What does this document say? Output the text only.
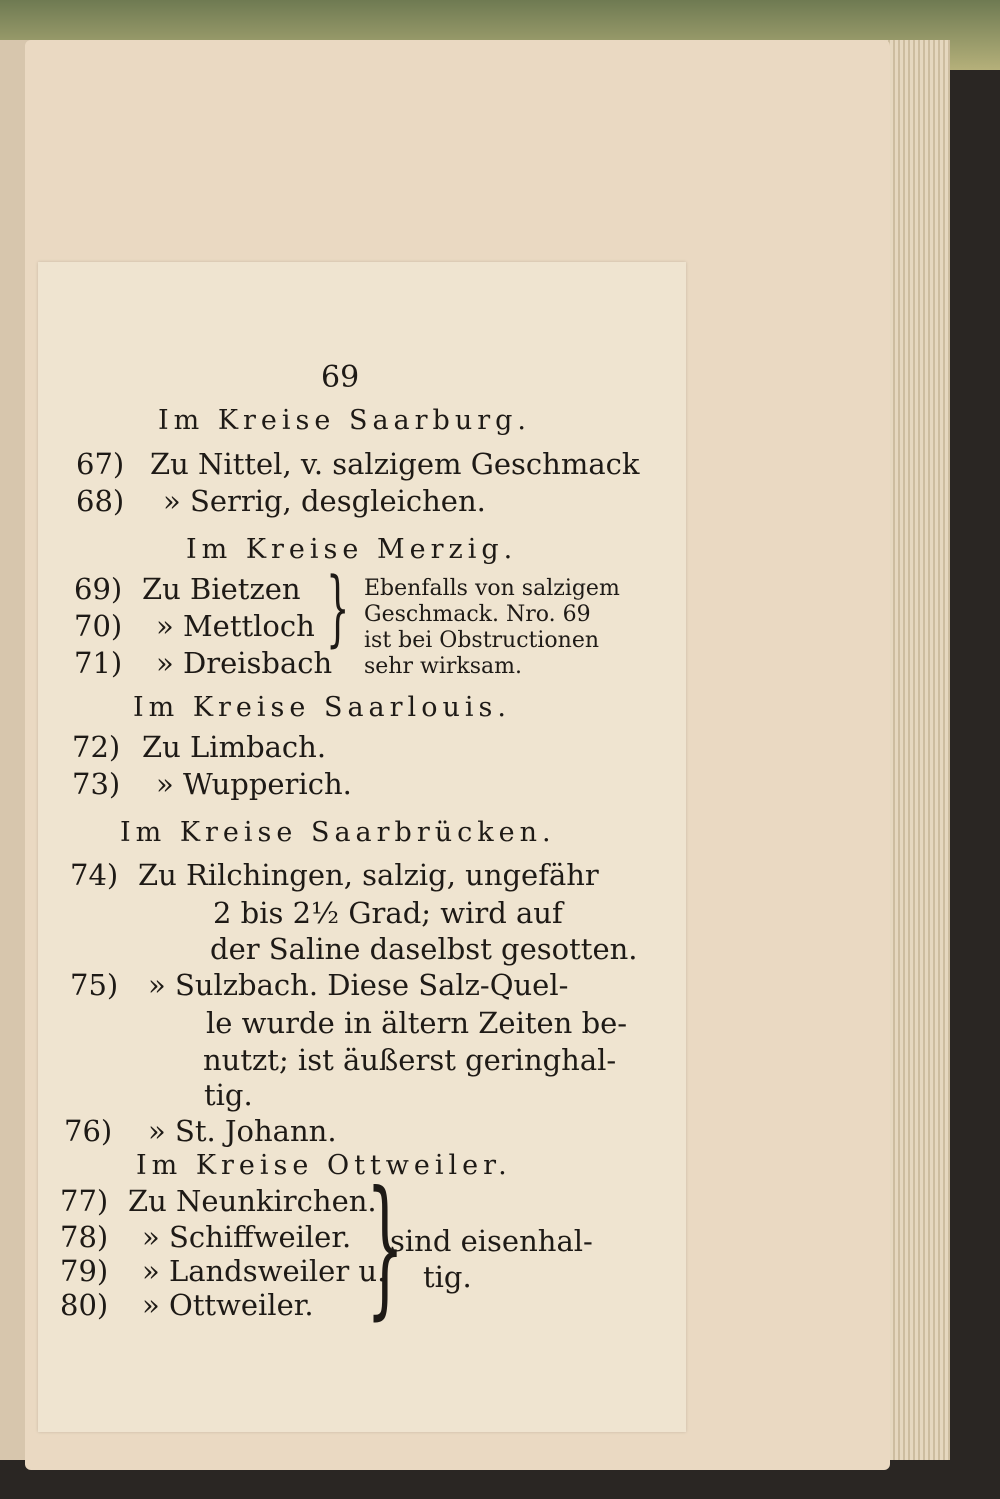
69
Im Kreise Saarburg.
67) Zu Nittel, v. salzigem Geschmack
68) » Serrig, desgleichen.
Im Kreise Merzig.
69) Zu Bietzen
70) » Mettloch
71) » Dreisbach
} Ebenfalls von salzigem
Geschmack. Nro. 69
ist bei Obstructionen
sehr wirksam.
Im Kreise Saarlouis.
72) Zu Limbach.
73) » Wupperich.
Im Kreise Saarbrücken.
74) Zu Rilchingen, salzig, ungefähr
2 bis 2½ Grad; wird auf
der Saline daselbst gesotten.
75) » Sulzbach. Diese Salz-Quel-
le wurde in ältern Zeiten be-
nutzt; ist äußerst geringhal-
tig.
76) » St. Johann.
Im Kreise Ottweiler.
77) Zu Neunkirchen.
78) » Schiffweiler.
79) » Landsweiler u.
80) » Ottweiler. }
sind eisenhal-
tig.
